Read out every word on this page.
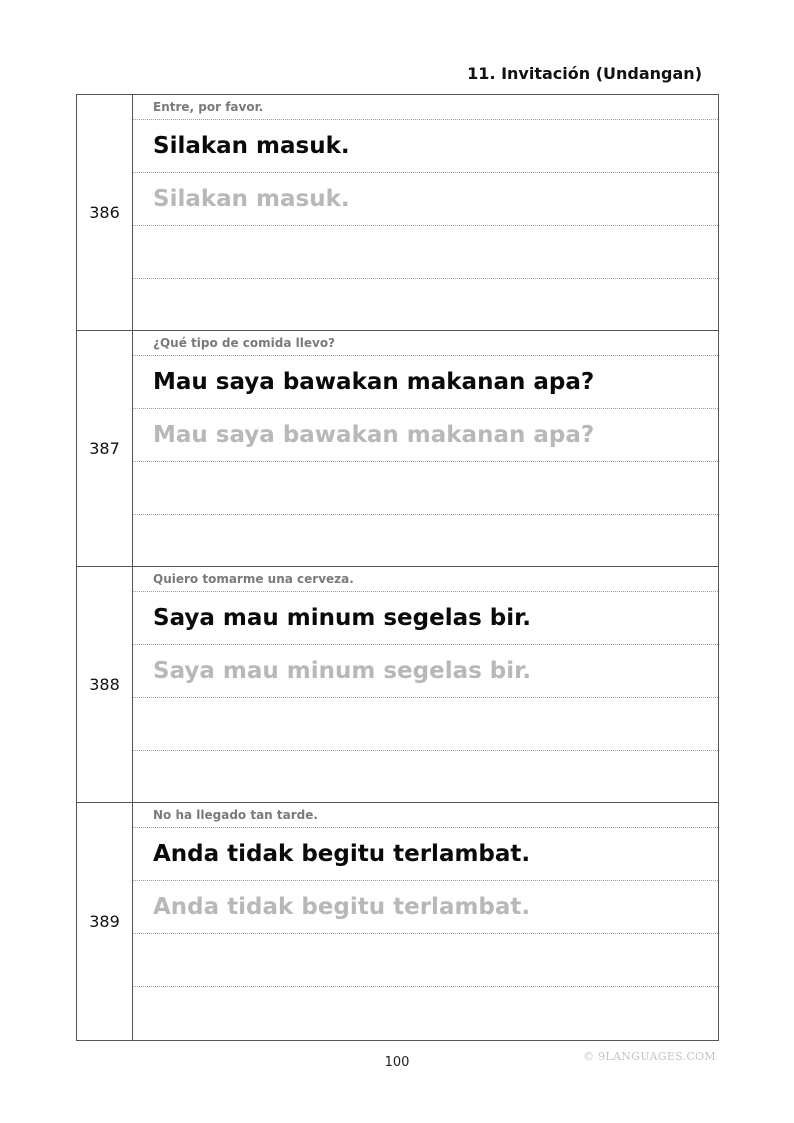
11. Invitación (Undangan)
386
Entre, por favor.
Silakan masuk.
Silakan masuk.
387
¿Qué tipo de comida llevo?
Mau saya bawakan makanan apa?
Mau saya bawakan makanan apa?
388
Quiero tomarme una cerveza.
Saya mau minum segelas bir.
Saya mau minum segelas bir.
389
No ha llegado tan tarde.
Anda tidak begitu terlambat.
Anda tidak begitu terlambat.
100	© 9LANGUAGES.COM
